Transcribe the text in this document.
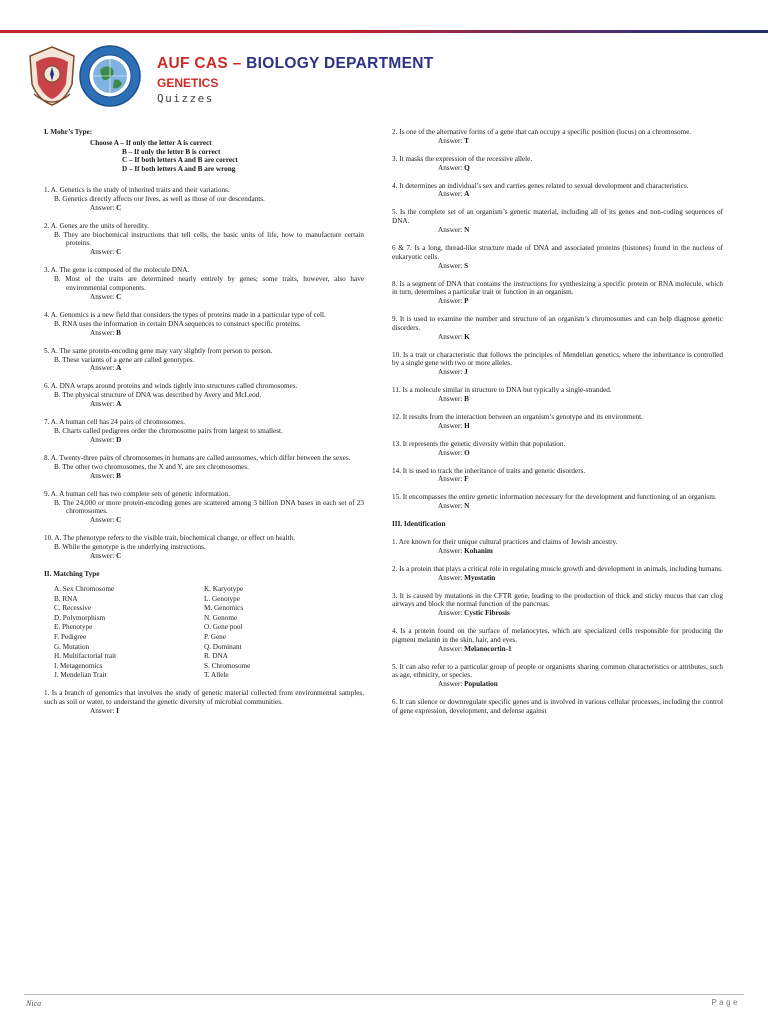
AUF CAS – BIOLOGY DEPARTMENT

GENETICS

Quizzes

I. Mohr’s Type:

Choose A – If only the letter A is correct

B – If only the letter B is correct

C – If both letters A and B are correct

D – If both letters A and B are wrong

1. A. Genetics is the study of inherited traits and their variations.

B. Genetics directly affects our lives, as well as those of our descendants.

Answer: C

2. A. Genes are the units of heredity.

B. They are biochemical instructions that tell cells, the basic units of life, how to manufacture certain proteins.

Answer: C

3. A. The gene is composed of the molecule DNA.

B. Most of the traits are determined nearly entirely by genes; some traits, however, also have environmental components.

Answer: C

4. A. Genomics is a new field that considers the types of proteins made in a particular type of cell.

B. RNA uses the information in certain DNA sequences to construct specific proteins.

Answer: B

5. A. The same protein-encoding gene may vary slightly from person to person.

B. These variants of a gene are called genotypes.

Answer: A

6. A. DNA wraps around proteins and winds tightly into structures called chromosomes.

B. The physical structure of DNA was described by Avery and McLeod.

Answer: A

7. A. A human cell has 24 pairs of chromosomes.

B. Charts called pedigrees order the chromosome pairs from largest to smallest.

Answer: D

8. A. Twenty-three pairs of chromosomes in humans are called autosomes, which differ between the sexes.

B. The other two chromosomes, the X and Y, are sex chromosomes.

Answer: B

9. A. A human cell has two complete sets of genetic information.

B. The 24,000 or more protein-encoding genes are scattered among 3 billion DNA bases in each set of 23 chromosomes.

Answer: C

10. A. The phenotype refers to the visible trait, biochemical change, or effect on health.

B. While the genotype is the underlying instructions.

Answer: C

II. Matching Type

A. Sex Chromosome
B. RNA
C. Recessive
D. Polymorphism
E. Phenotype
F. Pedigree
G. Mutation
H. Multifactorial trait
I. Metagenomics
J. Mendelian Trait
K. Karyotype
L. Genotype
M. Genomics
N. Genome
O. Gene pool
P. Gene
Q. Dominant
R. DNA
S. Chromosome
T. Allele

1. Is a branch of genomics that involves the study of genetic material collected from environmental samples, such as soil or water, to understand the genetic diversity of microbial communities.

Answer: I

2. Is one of the alternative forms of a gene that can occupy a specific position (locus) on a chromosome.

Answer: T

3. It masks the expression of the recessive allele.

Answer: Q

4. It determines an individual’s sex and carries genes related to sexual development and characteristics.

Answer: A

5. Is the complete set of an organism’s genetic material, including all of its genes and non-coding sequences of DNA.

Answer: N

6 & 7. Is a long, thread-like structure made of DNA and associated proteins (histones) found in the nucleus of eukaryotic cells.

Answer: S

8. Is a segment of DNA that contains the instructions for synthesizing a specific protein or RNA molecule, which in turn, determines a particular trait or function in an organism.

Answer: P

9. It is used to examine the number and structure of an organism’s chromosomes and can help diagnose genetic disorders.

Answer: K

10. Is a trait or characteristic that follows the principles of Mendelian genetics, where the inheritance is controlled by a single gene with two or more alleles.

Answer: J

11. Is a molecule similar in structure to DNA but typically a single-stranded.

Answer: B

12. It results from the interaction between an organism’s genotype and its environment.

Answer: H

13. It represents the genetic diversity within that population.

Answer: O

14. It is used to track the inheritance of traits and genetic disorders.

Answer: F

15. It encompasses the entire genetic information necessary for the development and functioning of an organism.

Answer: N

III. Identification

1. Are known for their unique cultural practices and claims of Jewish ancestry.

Answer: Kohanim

2. Is a protein that plays a critical role in regulating muscle growth and development in animals, including humans.

Answer: Myostatin

3. It is caused by mutations in the CFTR gene, leading to the production of thick and sticky mucus that can clog airways and block the normal function of the pancreas.

Answer: Cystic Fibrosis

4. Is a protein found on the surface of melanocytes, which are specialized cells responsible for producing the pigment melanin in the skin, hair, and eyes.

Answer: Melanocortin-1

5. It can also refer to a particular group of people or organisms sharing common characteristics or attributes, such as age, ethnicity, or species.

Answer: Population

6. It can silence or downregulate specific genes and is involved in various cellular processes, including the control of gene expression, development, and defense against

Nica	Page
